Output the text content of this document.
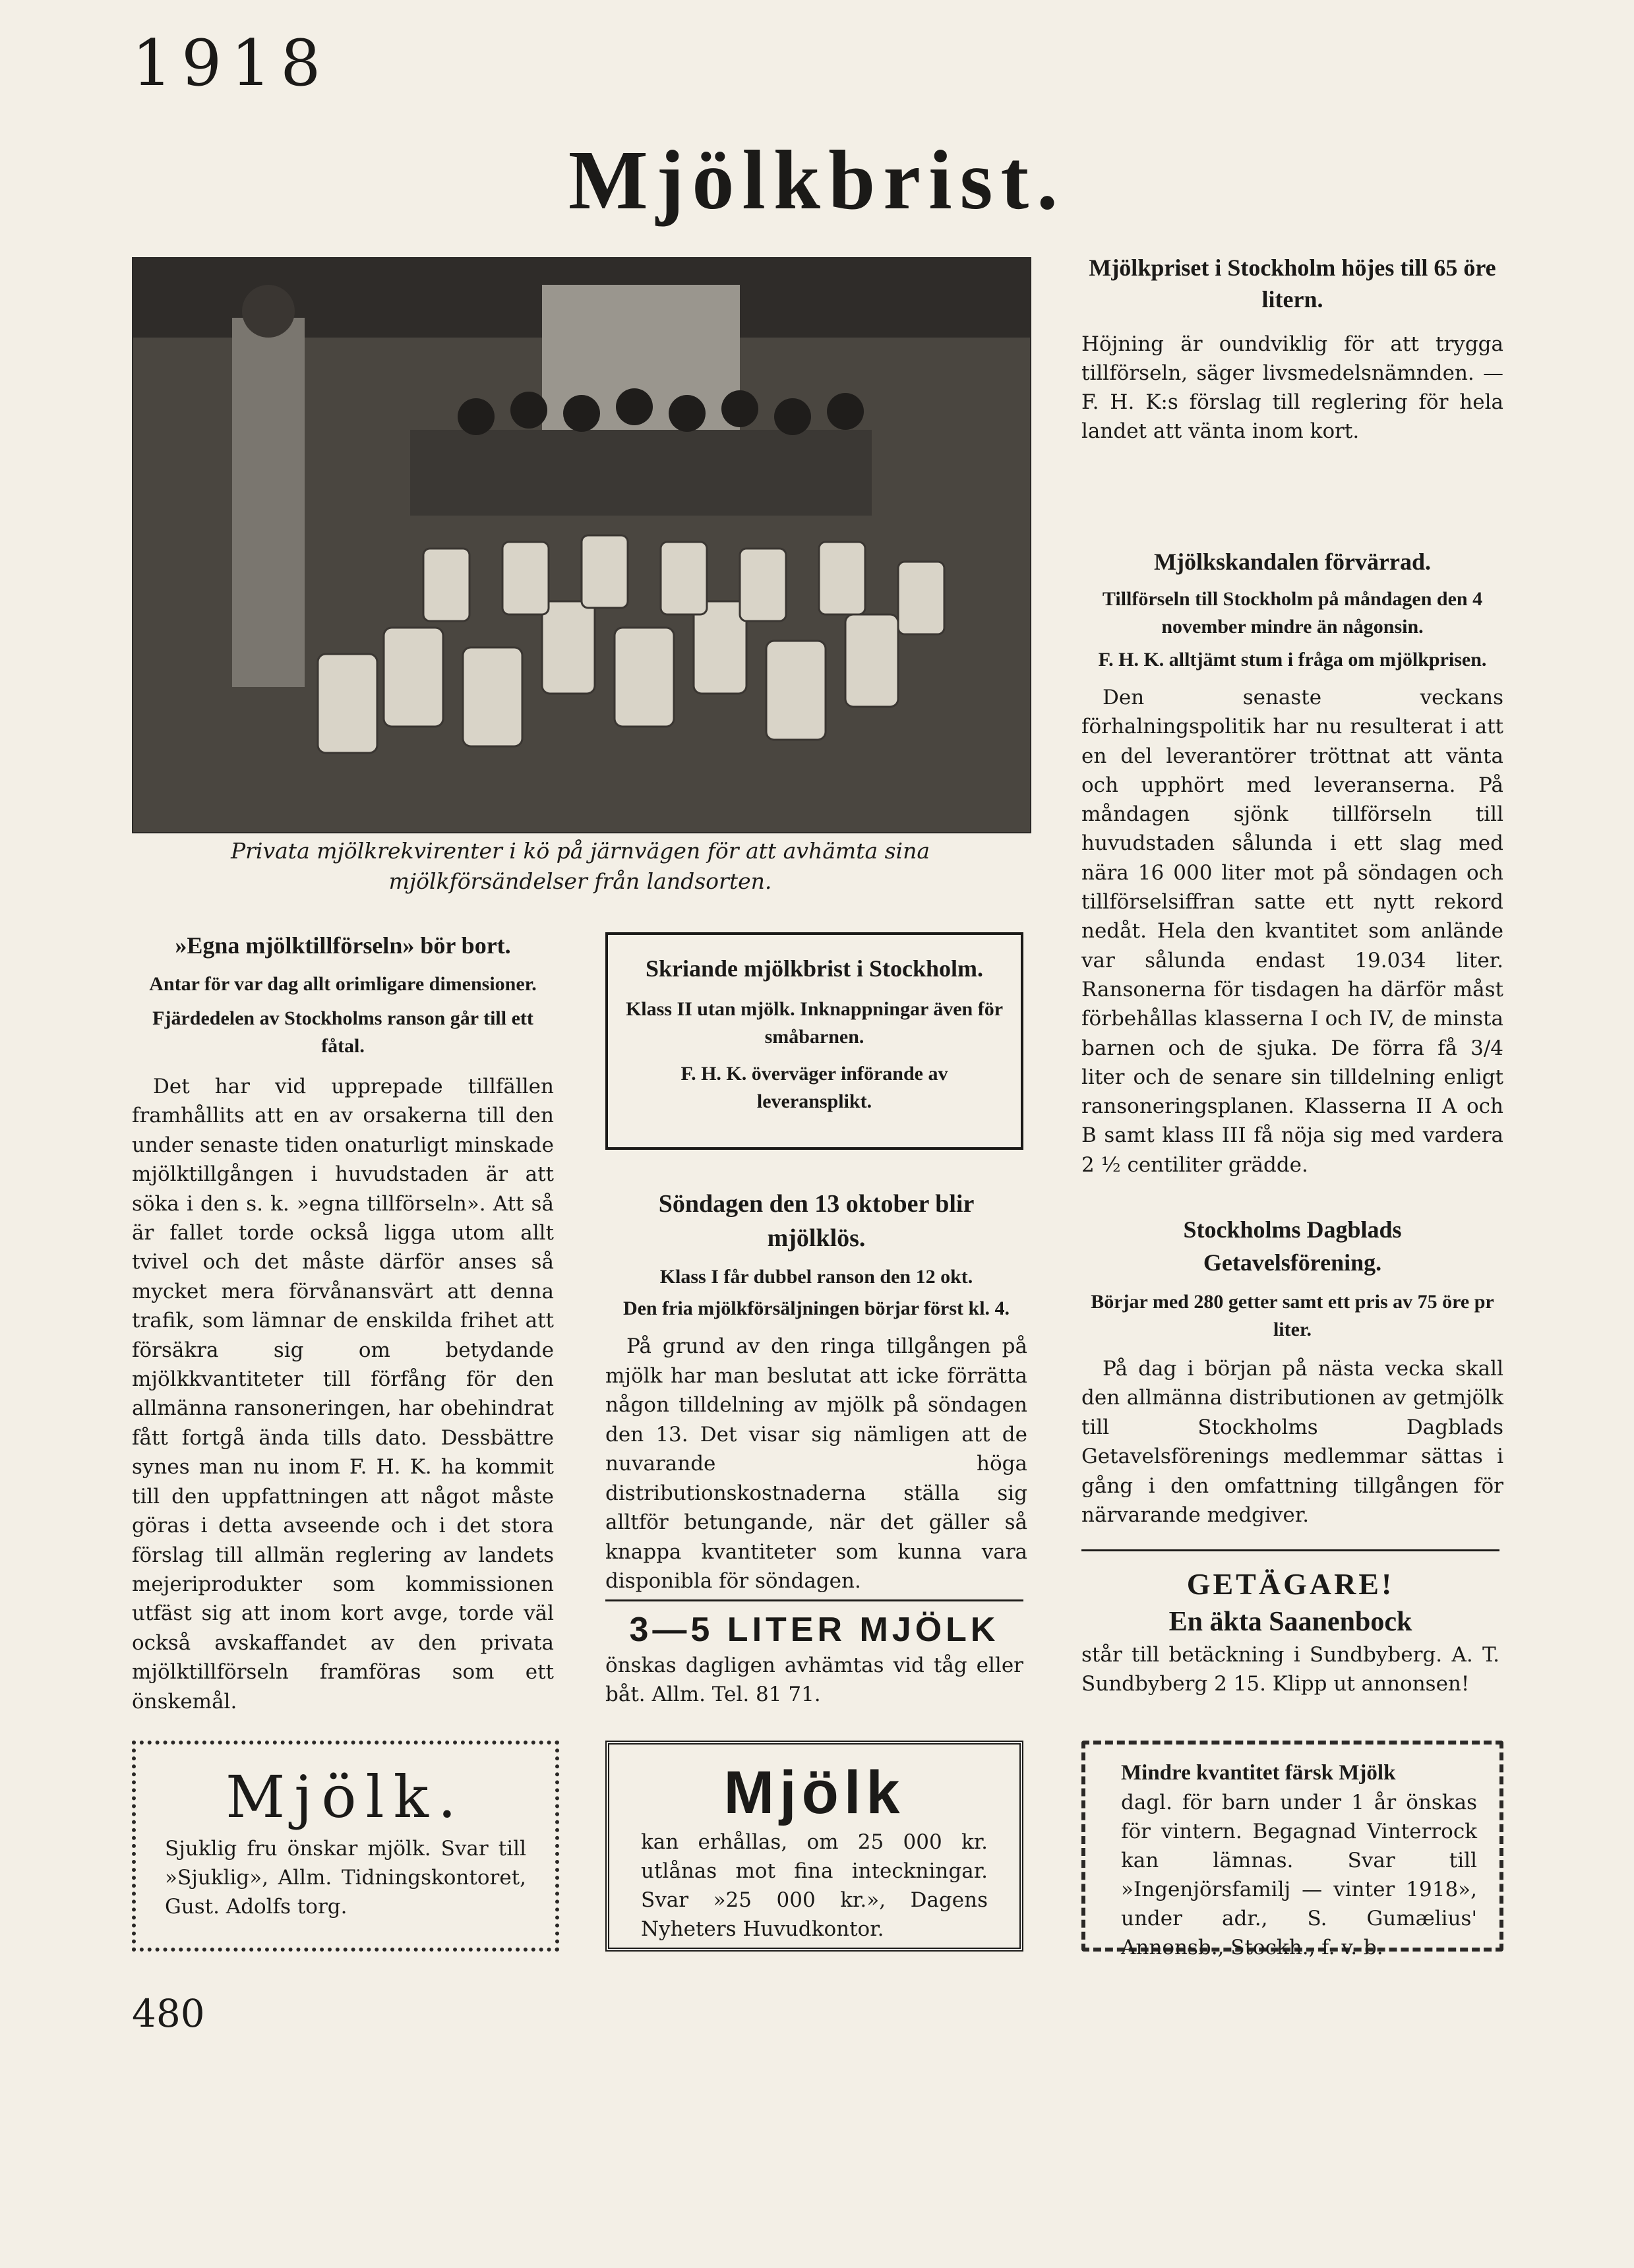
1918
Mjölkbrist.
Privata mjölkrekvirenter i kö på järnvägen för att avhämta sina mjölkförsändelser från landsorten.
Mjölkpriset i Stockholm höjes till 65 öre litern.
Höjning är oundviklig för att trygga tillförseln, säger livsmedelsnämnden. — F. H. K:s förslag till reglering för hela landet att vänta inom kort.
Mjölkskandalen förvärrad.
Tillförseln till Stockholm på måndagen den 4 november mindre än någonsin.
F. H. K. alltjämt stum i fråga om mjölkprisen.
Den senaste veckans förhalningspolitik har nu resulterat i att en del leverantörer tröttnat att vänta och upphört med leveranserna. På måndagen sjönk tillförseln till huvudstaden sålunda i ett slag med nära 16 000 liter mot på söndagen och tillförselsiffran satte ett nytt rekord nedåt. Hela den kvantitet som anlände var sålunda endast 19.034 liter. Ransonerna för tisdagen ha därför måst förbehållas klasserna I och IV, de minsta barnen och de sjuka. De förra få 3/4 liter och de senare sin tilldelning enligt ransoneringsplanen. Klasserna II A och B samt klass III få nöja sig med vardera 2 ½ centiliter grädde.
»Egna mjölktillförseln» bör bort.
Antar för var dag allt orimligare dimensioner.
Fjärdedelen av Stockholms ranson går till ett fåtal.
Det har vid upprepade tillfällen framhållits att en av orsakerna till den under senaste tiden onaturligt minskade mjölktillgången i huvudstaden är att söka i den s. k. »egna tillförseln». Att så är fallet torde också ligga utom allt tvivel och det måste därför anses så mycket mera förvånansvärt att denna trafik, som lämnar de enskilda frihet att försäkra sig om betydande mjölkkvantiteter till förfång för den allmänna ransoneringen, har obehindrat fått fortgå ända tills dato. Dessbättre synes man nu inom F. H. K. ha kommit till den uppfattningen att något måste göras i detta avseende och i det stora förslag till allmän reglering av landets mejeriprodukter som kommissionen utfäst sig att inom kort avge, torde väl också avskaffandet av den privata mjölktillförseln framföras som ett önskemål.
Skriande mjölkbrist i Stockholm.
Klass II utan mjölk. Inknappningar även för småbarnen.
F. H. K. överväger införande av leveransplikt.
Söndagen den 13 oktober blir mjölklös.
Klass I får dubbel ranson den 12 okt.
Den fria mjölkförsäljningen börjar först kl. 4.
På grund av den ringa tillgången på mjölk har man beslutat att icke förrätta någon tilldelning av mjölk på söndagen den 13. Det visar sig nämligen att de nuvarande höga distributionskostnaderna ställa sig alltför betungande, när det gäller så knappa kvantiteter som kunna vara disponibla för söndagen.
3—5 LITER MJÖLK
önskas dagligen avhämtas vid tåg eller båt. Allm. Tel. 81 71.
Stockholms Dagblads Getavelsförening.
Börjar med 280 getter samt ett pris av 75 öre pr liter.
På dag i början på nästa vecka skall den allmänna distributionen av getmjölk till Stockholms Dagblads Getavelsförenings medlemmar sättas i gång i den omfattning tillgången för närvarande medgiver.
GETÄGARE!
En äkta Saanenbock
står till betäckning i Sundbyberg. A. T. Sundbyberg 2 15. Klipp ut annonsen!
Mjölk.
Sjuklig fru önskar mjölk. Svar till »Sjuklig», Allm. Tidningskontoret, Gust. Adolfs torg.
Mjölk
kan erhållas, om 25 000 kr. utlånas mot fina inteckningar. Svar »25 000 kr.», Dagens Nyheters Huvudkontor.
Mindre kvantitet färsk Mjölk
dagl. för barn under 1 år önskas för vintern. Begagnad Vinterrock kan lämnas. Svar till »Ingenjörsfamilj — vinter 1918», under adr., S. Gumælius' Annonsb., Stockh., f. v. b.
480
